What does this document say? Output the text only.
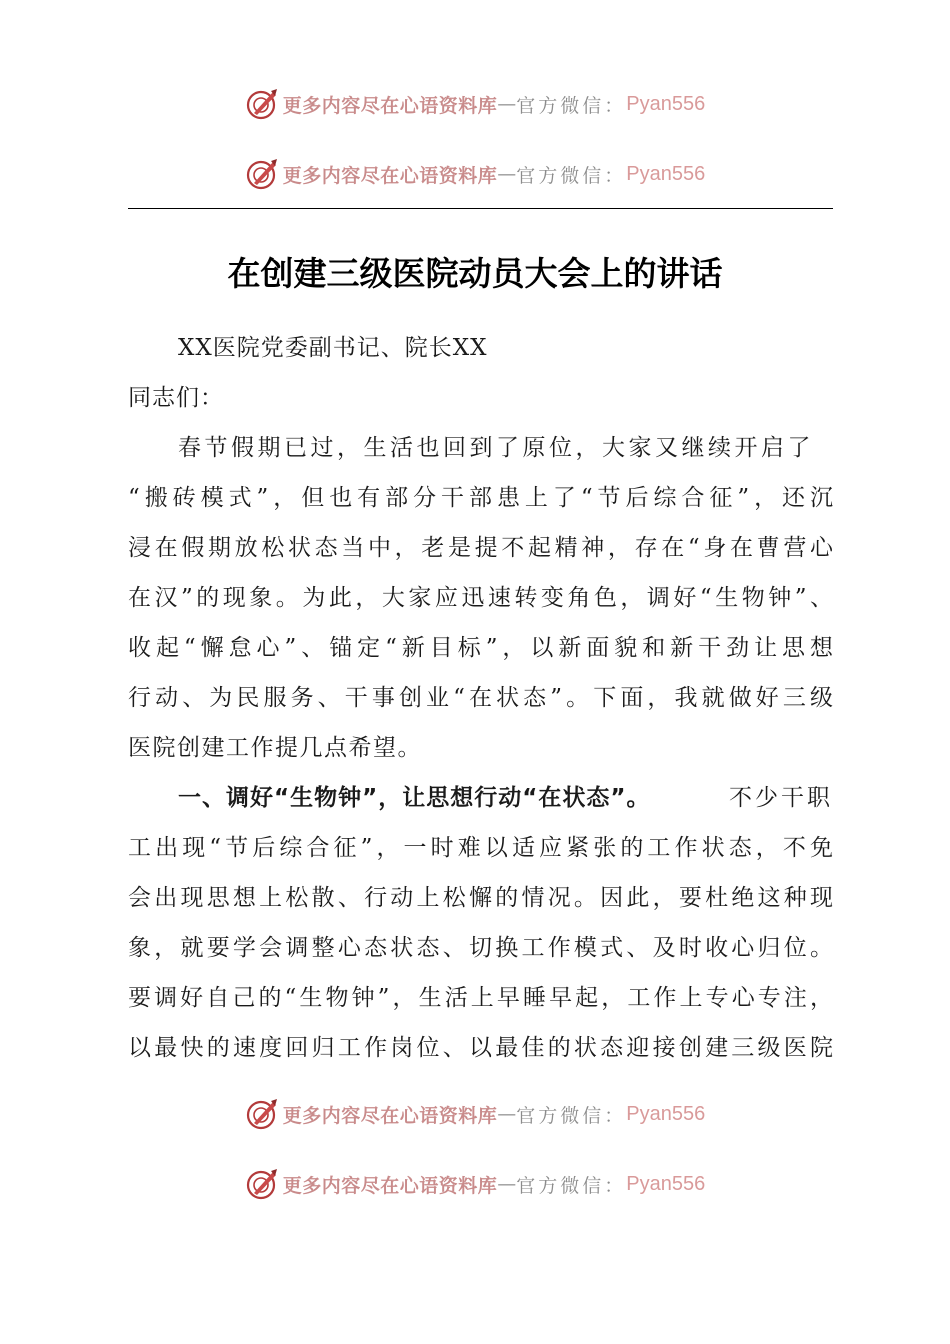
更多内容尽在心语资料库 — 官方微信： Pyan556
更多内容尽在心语资料库 — 官方微信： Pyan556
在创建三级医院动员大会上的讲话
XX医院党委副书记、院长XX
同志们：
春节假期已过，生活也回到了原位，大家又继续开启了
“搬砖模式”，但也有部分干部患上了“节后综合征”，还沉
浸在假期放松状态当中，老是提不起精神，存在“身在曹营心
在汉”的现象。为此，大家应迅速转变角色，调好“生物钟”、
收起“懈怠心”、锚定“新目标”，以新面貌和新干劲让思想
行动、为民服务、干事创业“在状态”。下面，我就做好三级
医院创建工作提几点希望。
一、调好“生物钟”，让思想行动“在状态”。	不少干职
工出现“节后综合征”，一时难以适应紧张的工作状态，不免
会出现思想上松散、行动上松懈的情况。因此，要杜绝这种现
象，就要学会调整心态状态、切换工作模式、及时收心归位。
要调好自己的“生物钟”，生活上早睡早起，工作上专心专注，
以最快的速度回归工作岗位、以最佳的状态迎接创建三级医院
更多内容尽在心语资料库 — 官方微信： Pyan556
更多内容尽在心语资料库 — 官方微信： Pyan556
